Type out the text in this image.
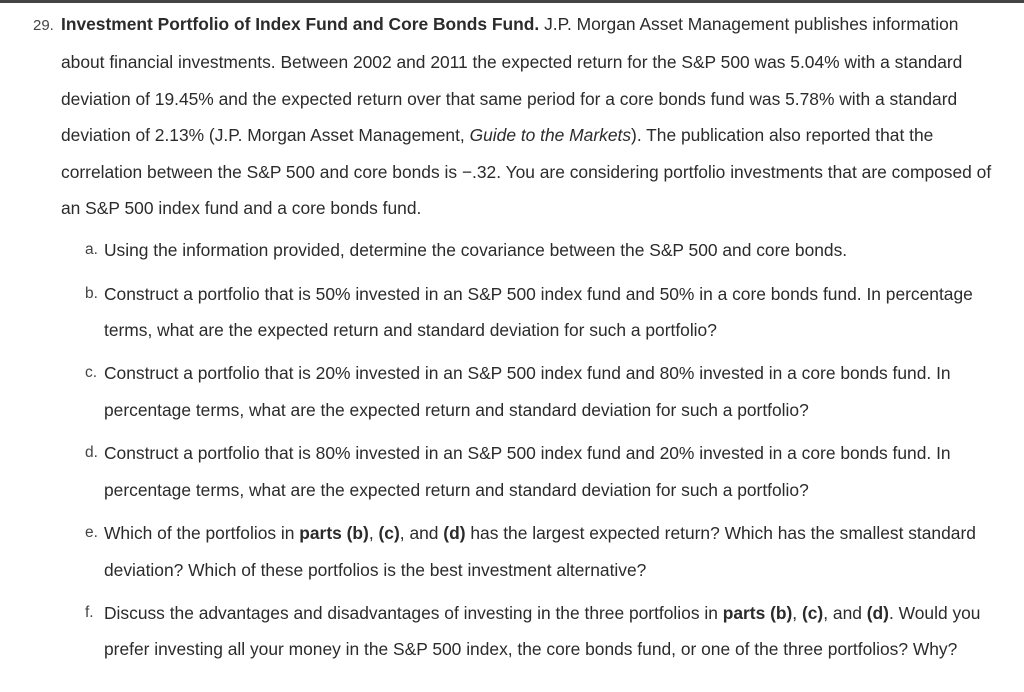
29. Investment Portfolio of Index Fund and Core Bonds Fund. J.P. Morgan Asset Management publishes information about financial investments. Between 2002 and 2011 the expected return for the S&P 500 was 5.04% with a standard deviation of 19.45% and the expected return over that same period for a core bonds fund was 5.78% with a standard deviation of 2.13% (J.P. Morgan Asset Management, Guide to the Markets). The publication also reported that the correlation between the S&P 500 and core bonds is −.32. You are considering portfolio investments that are composed of an S&P 500 index fund and a core bonds fund.

a. Using the information provided, determine the covariance between the S&P 500 and core bonds.
b. Construct a portfolio that is 50% invested in an S&P 500 index fund and 50% in a core bonds fund. In percentage terms, what are the expected return and standard deviation for such a portfolio?
c. Construct a portfolio that is 20% invested in an S&P 500 index fund and 80% invested in a core bonds fund. In percentage terms, what are the expected return and standard deviation for such a portfolio?
d. Construct a portfolio that is 80% invested in an S&P 500 index fund and 20% invested in a core bonds fund. In percentage terms, what are the expected return and standard deviation for such a portfolio?
e. Which of the portfolios in parts (b), (c), and (d) has the largest expected return? Which has the smallest standard deviation? Which of these portfolios is the best investment alternative?
f. Discuss the advantages and disadvantages of investing in the three portfolios in parts (b), (c), and (d). Would you prefer investing all your money in the S&P 500 index, the core bonds fund, or one of the three portfolios? Why?
